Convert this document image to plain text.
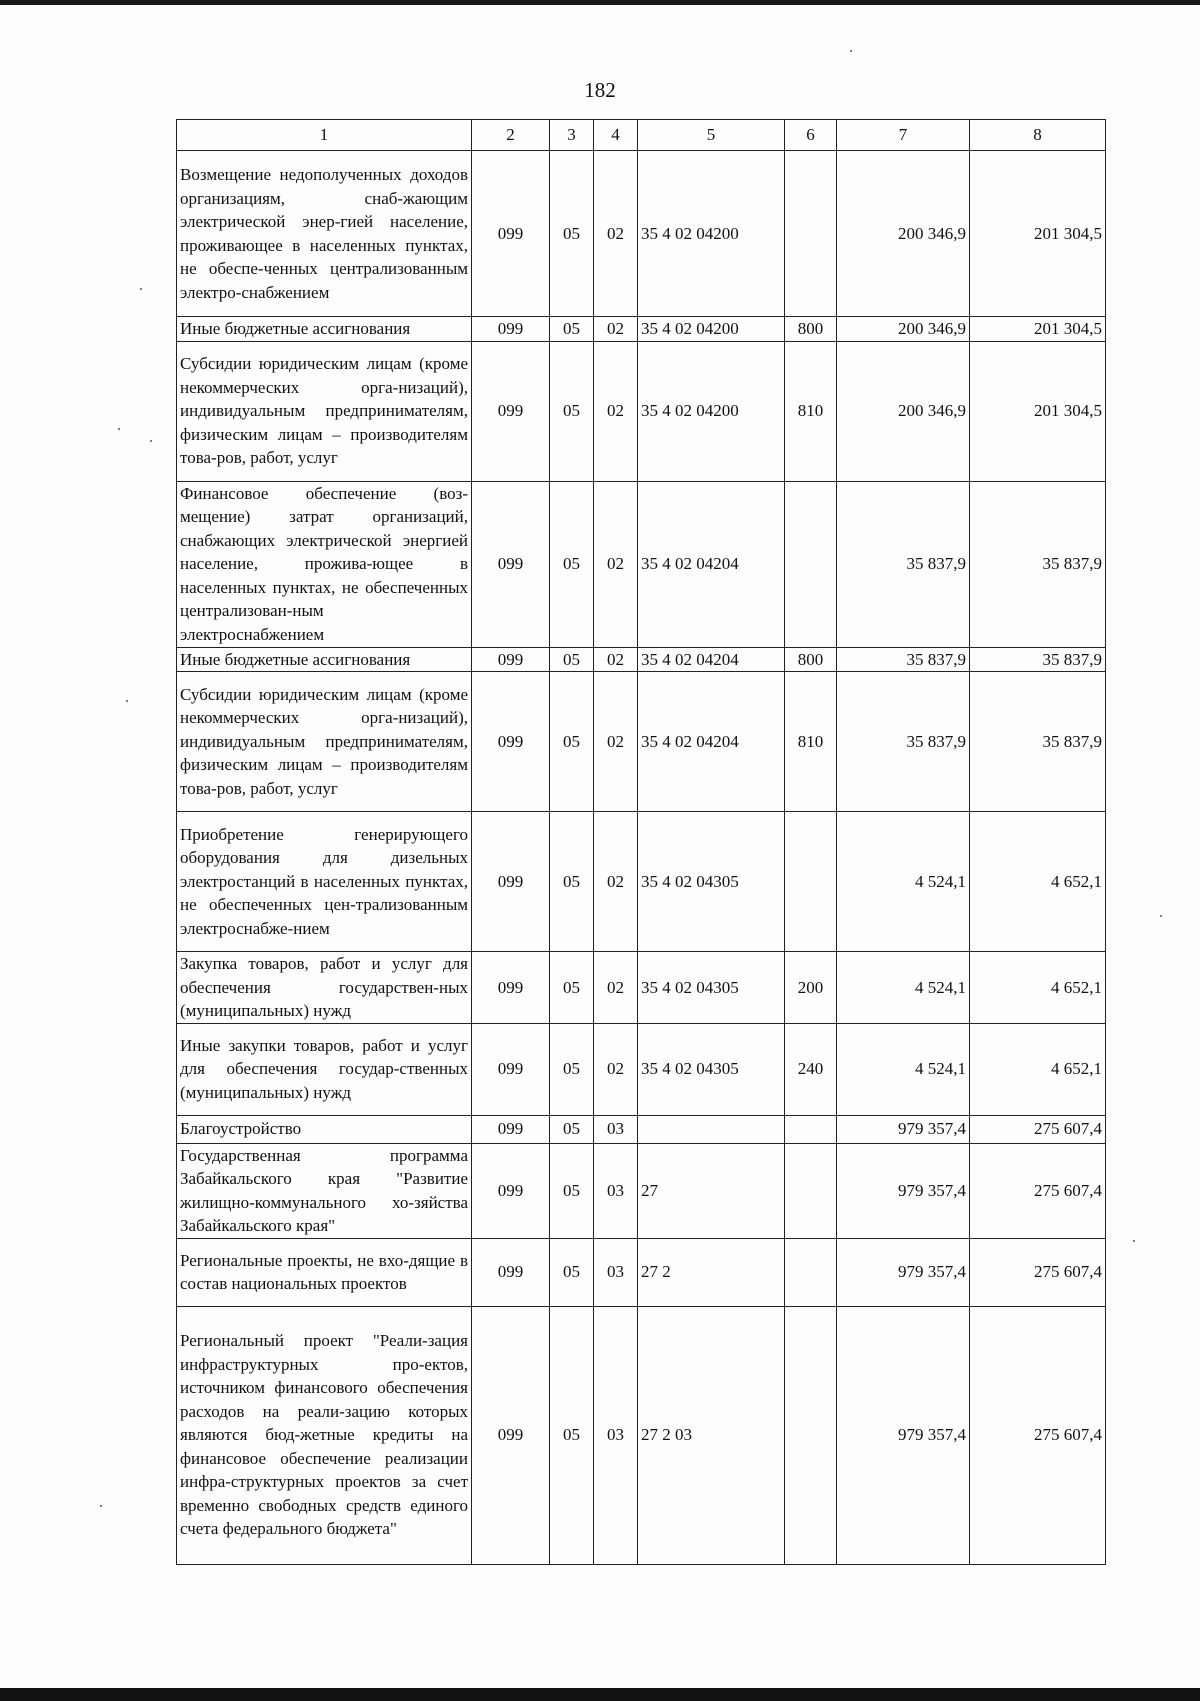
182
1	2	3	4	5	6	7	8
Возмещение недополученных доходов организациям, снаб-жающим электрической энер-гией население, проживающее в населенных пунктах, не обеспе-ченных централизованным электро-снабжением	099	05	02	35 4 02 04200		200 346,9	201 304,5
Иные бюджетные ассигнования	099	05	02	35 4 02 04200	800	200 346,9	201 304,5
Субсидии юридическим лицам (кроме некоммерческих орга-низаций), индивидуальным предпринимателям, физическим лицам – производителям това-ров, работ, услуг	099	05	02	35 4 02 04200	810	200 346,9	201 304,5
Финансовое обеспечение (воз-мещение) затрат организаций, снабжающих электрической энергией население, прожива-ющее в населенных пунктах, не обеспеченных централизован-ным электроснабжением	099	05	02	35 4 02 04204		35 837,9	35 837,9
Иные бюджетные ассигнования	099	05	02	35 4 02 04204	800	35 837,9	35 837,9
Субсидии юридическим лицам (кроме некоммерческих орга-низаций), индивидуальным предпринимателям, физическим лицам – производителям това-ров, работ, услуг	099	05	02	35 4 02 04204	810	35 837,9	35 837,9
Приобретение генерирующего оборудования для дизельных электростанций в населенных пунктах, не обеспеченных цен-трализованным электроснабже-нием	099	05	02	35 4 02 04305		4 524,1	4 652,1
Закупка товаров, работ и услуг для обеспечения государствен-ных (муниципальных) нужд	099	05	02	35 4 02 04305	200	4 524,1	4 652,1
Иные закупки товаров, работ и услуг для обеспечения государ-ственных (муниципальных) нужд	099	05	02	35 4 02 04305	240	4 524,1	4 652,1
Благоустройство	099	05	03			979 357,4	275 607,4
Государственная программа Забайкальского края "Развитие жилищно-коммунального хо-зяйства Забайкальского края"	099	05	03	27		979 357,4	275 607,4
Региональные проекты, не вхо-дящие в состав национальных проектов	099	05	03	27 2		979 357,4	275 607,4
Региональный проект "Реали-зация инфраструктурных про-ектов, источником финансового обеспечения расходов на реали-зацию которых являются бюд-жетные кредиты на финансовое обеспечение реализации инфра-структурных проектов за счет временно свободных средств единого счета федерального бюджета"	099	05	03	27 2 03		979 357,4	275 607,4
